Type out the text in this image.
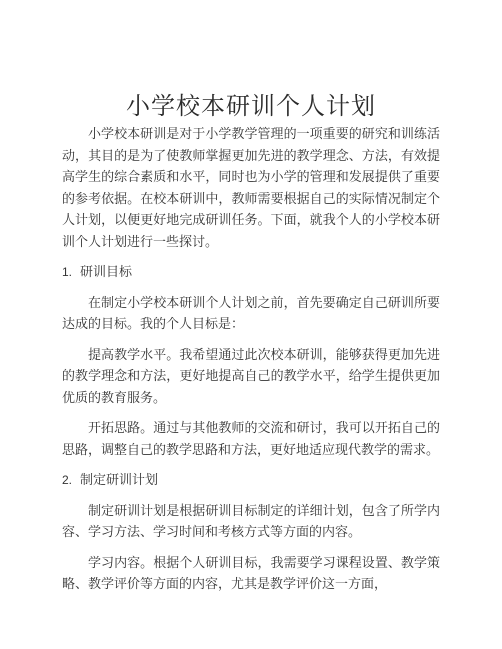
小学校本研训个人计划

小学校本研训是对于小学教学管理的一项重要的研究和训练活动，其目的是为了使教师掌握更加先进的教学理念、方法，有效提高学生的综合素质和水平，同时也为小学的管理和发展提供了重要的参考依据。在校本研训中，教师需要根据自己的实际情况制定个人计划，以便更好地完成研训任务。下面，就我个人的小学校本研训个人计划进行一些探讨。

1. 研训目标

在制定小学校本研训个人计划之前，首先要确定自己研训所要达成的目标。我的个人目标是：

提高教学水平。我希望通过此次校本研训，能够获得更加先进的教学理念和方法，更好地提高自己的教学水平，给学生提供更加优质的教育服务。

开拓思路。通过与其他教师的交流和研讨，我可以开拓自己的思路，调整自己的教学思路和方法，更好地适应现代教学的需求。

2. 制定研训计划

制定研训计划是根据研训目标制定的详细计划，包含了所学内容、学习方法、学习时间和考核方式等方面的内容。

学习内容。根据个人研训目标，我需要学习课程设置、教学策略、教学评价等方面的内容，尤其是教学评价这一方面，
